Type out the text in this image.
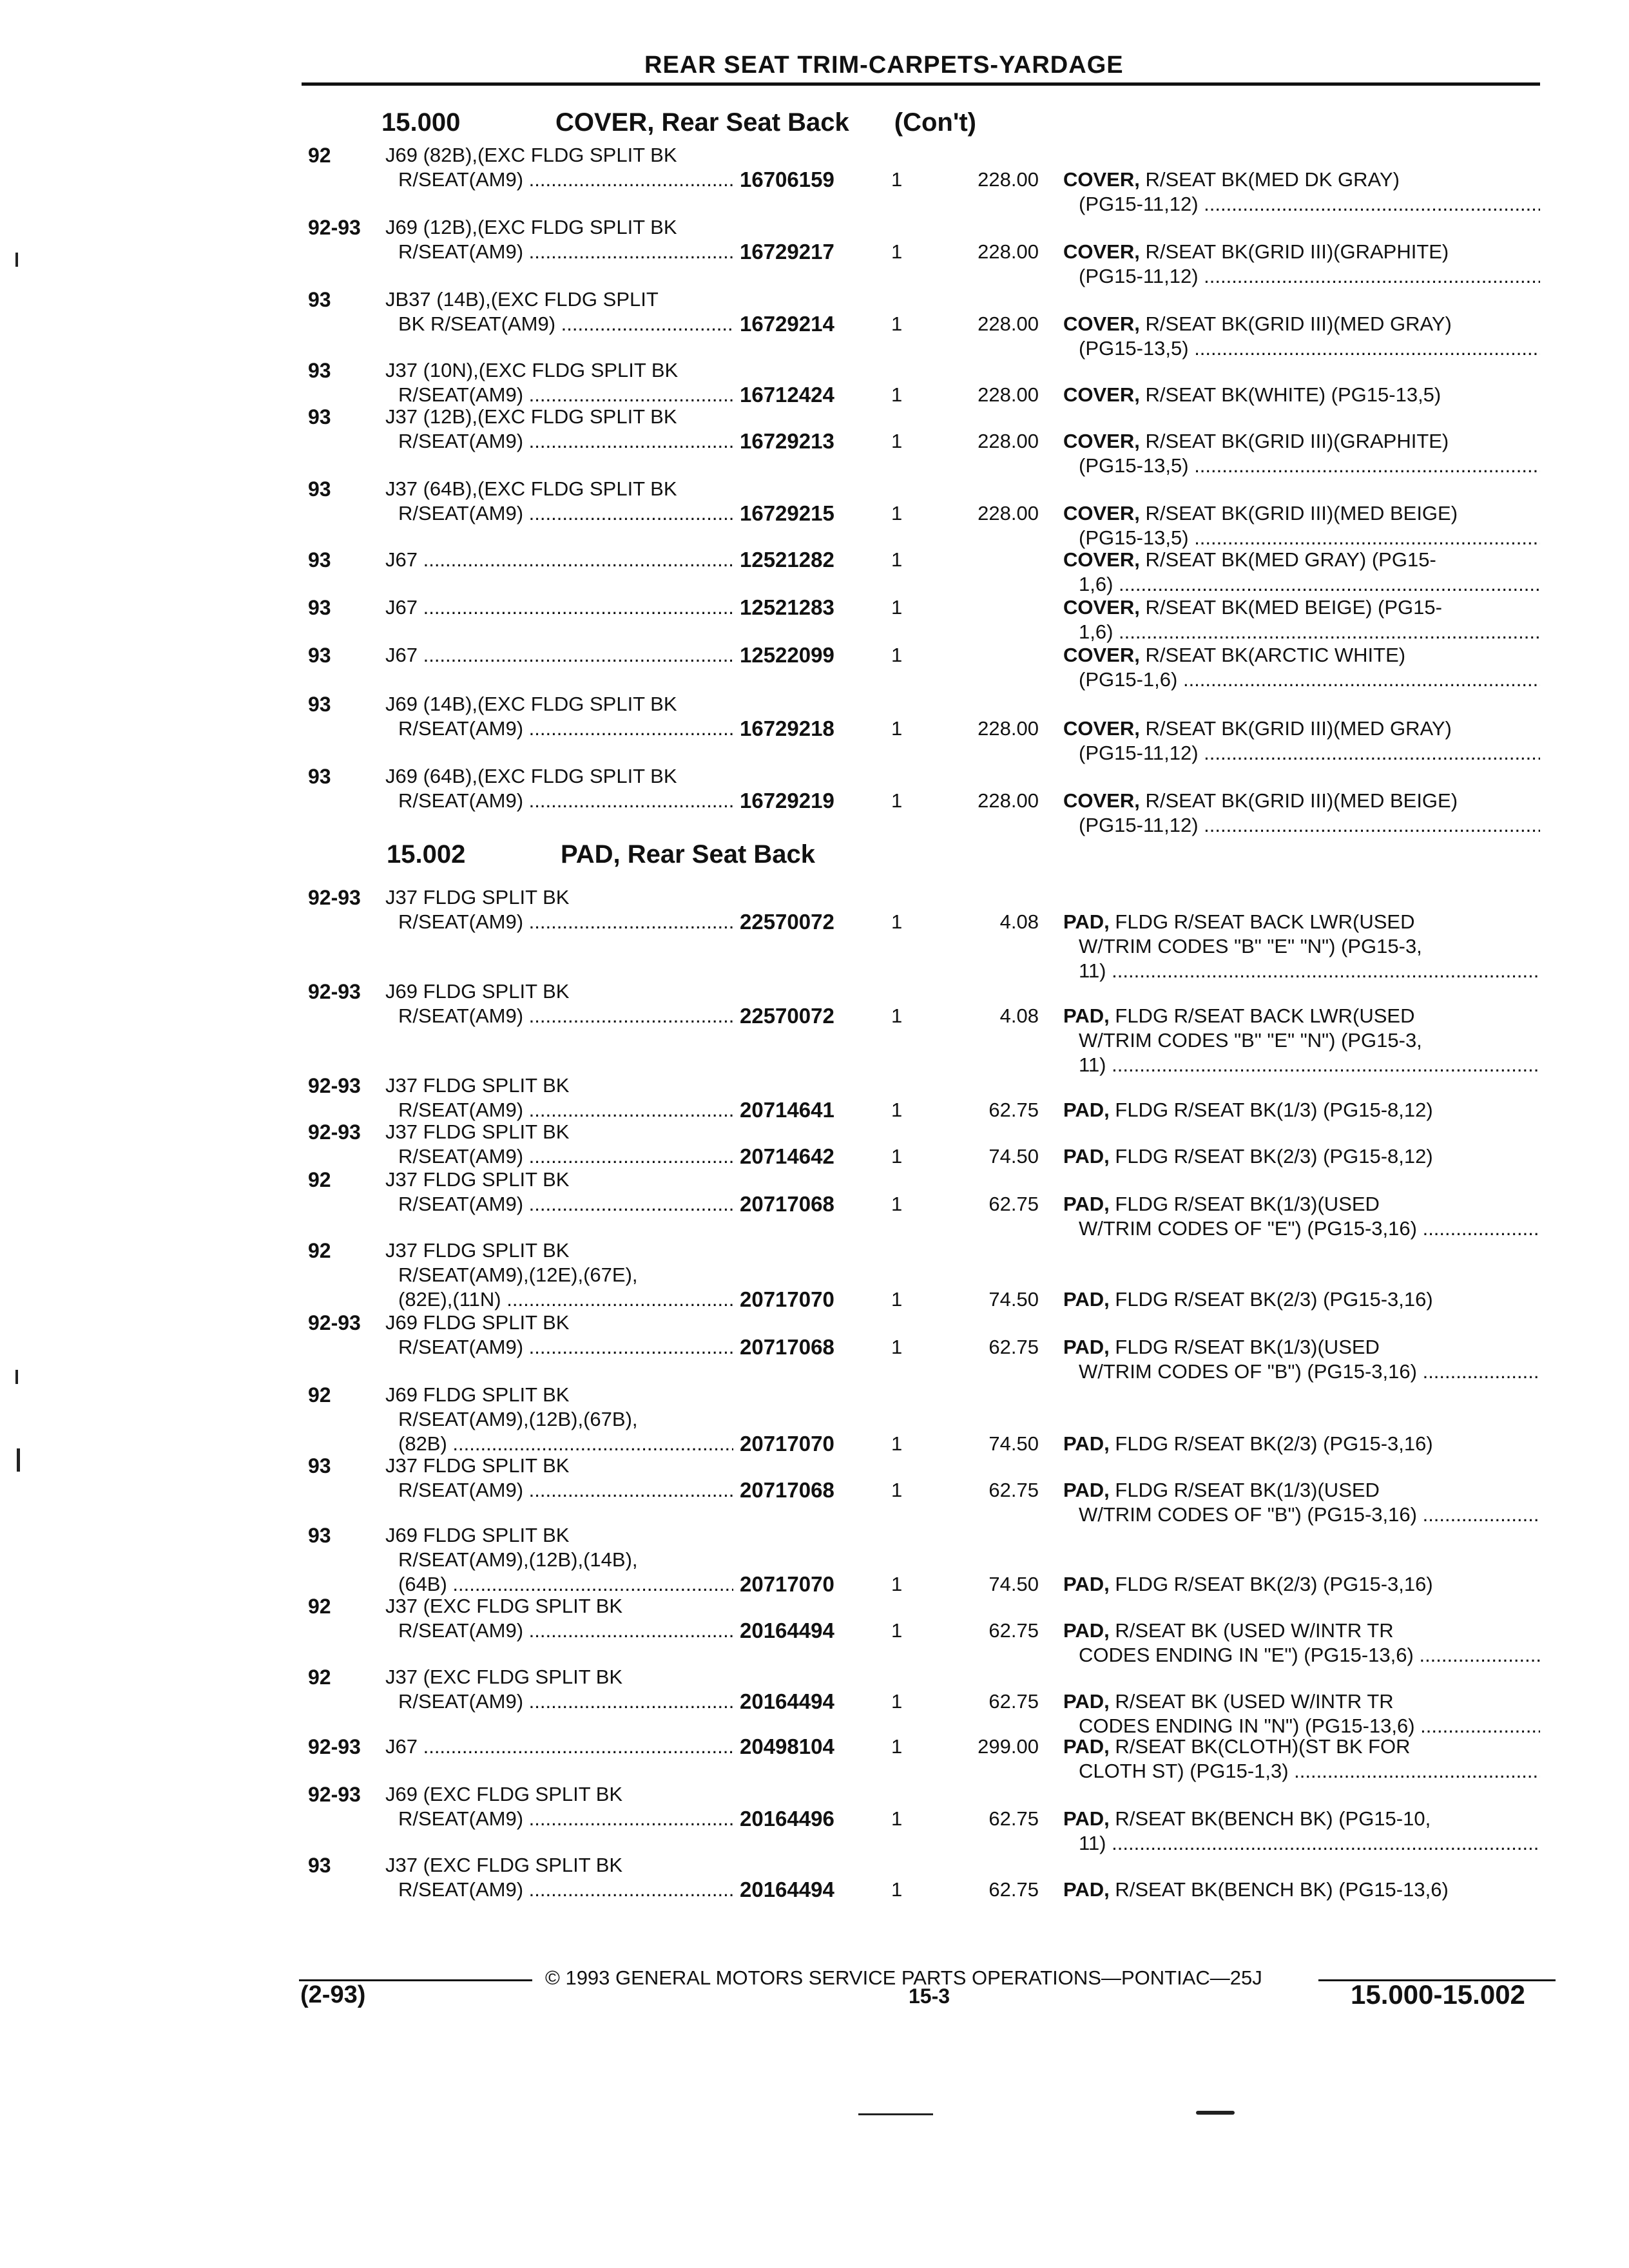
REAR SEAT TRIM-CARPETS-YARDAGE
15.000	COVER, Rear Seat Back (Con't)
92	J69 (82B),(EXC FLDG SPLIT BK
R/SEAT(AM9) .....	16706159	1	228.00 COVER, R/SEAT BK(MED DK GRAY)
(PG15-11,12) .....
92-93 J69 (12B),(EXC FLDG SPLIT BK
R/SEAT(AM9) .....	16729217	1	228.00 COVER, R/SEAT BK(GRID III)(GRAPHITE)
(PG15-11,12) .....
93	JB37 (14B),(EXC FLDG SPLIT
BK R/SEAT(AM9) .....	16729214	1	228.00 COVER, R/SEAT BK(GRID III)(MED GRAY)
(PG15-13,5) .....
93	J37 (10N),(EXC FLDG SPLIT BK
R/SEAT(AM9) .....	16712424	1	228.00 COVER, R/SEAT BK(WHITE) (PG15-13,5)
93	J37 (12B),(EXC FLDG SPLIT BK
R/SEAT(AM9) .....	16729213	1	228.00 COVER, R/SEAT BK(GRID III)(GRAPHITE)
(PG15-13,5) .....
93	J37 (64B),(EXC FLDG SPLIT BK
R/SEAT(AM9) .....	16729215	1	228.00 COVER, R/SEAT BK(GRID III)(MED BEIGE)
(PG15-13,5) .....
93	J67 .....	12521282	1	COVER, R/SEAT BK(MED GRAY) (PG15-
1,6) .....
93	J67 .....	12521283	1	COVER, R/SEAT BK(MED BEIGE) (PG15-
1,6) .....
93	J67 .....	12522099	1	COVER, R/SEAT BK(ARCTIC WHITE)
(PG15-1,6) .....
93	J69 (14B),(EXC FLDG SPLIT BK
R/SEAT(AM9) .....	16729218	1	228.00 COVER, R/SEAT BK(GRID III)(MED GRAY)
(PG15-11,12) .....
93	J69 (64B),(EXC FLDG SPLIT BK
R/SEAT(AM9) .....	16729219	1	228.00 COVER, R/SEAT BK(GRID III)(MED BEIGE)
(PG15-11,12) .....
15.002	PAD, Rear Seat Back
92-93 J37 FLDG SPLIT BK
R/SEAT(AM9) .....	22570072	1	4.08 PAD, FLDG R/SEAT BACK LWR(USED
W/TRIM CODES "B" "E" "N") (PG15-3,
11) .....
92-93 J69 FLDG SPLIT BK
R/SEAT(AM9) .....	22570072	1	4.08 PAD, FLDG R/SEAT BACK LWR(USED
W/TRIM CODES "B" "E" "N") (PG15-3,
11) .....
92-93 J37 FLDG SPLIT BK
R/SEAT(AM9) .....	20714641	1	62.75 PAD, FLDG R/SEAT BK(1/3) (PG15-8,12)
92-93 J37 FLDG SPLIT BK
R/SEAT(AM9) .....	20714642	1	74.50 PAD, FLDG R/SEAT BK(2/3) (PG15-8,12)
92	J37 FLDG SPLIT BK
R/SEAT(AM9) .....	20717068	1	62.75 PAD, FLDG R/SEAT BK(1/3)(USED
W/TRIM CODES OF "E") (PG15-3,16) .....
92	J37 FLDG SPLIT BK
R/SEAT(AM9),(12E),(67E),
(82E),(11N) .....	20717070	1	74.50 PAD, FLDG R/SEAT BK(2/3) (PG15-3,16)
92-93 J69 FLDG SPLIT BK
R/SEAT(AM9) .....	20717068	1	62.75 PAD, FLDG R/SEAT BK(1/3)(USED
W/TRIM CODES OF "B") (PG15-3,16) .....
92	J69 FLDG SPLIT BK
R/SEAT(AM9),(12B),(67B),
(82B) .....	20717070	1	74.50 PAD, FLDG R/SEAT BK(2/3) (PG15-3,16)
93	J37 FLDG SPLIT BK
R/SEAT(AM9) .....	20717068	1	62.75 PAD, FLDG R/SEAT BK(1/3)(USED
W/TRIM CODES OF "B") (PG15-3,16) .....
93	J69 FLDG SPLIT BK
R/SEAT(AM9),(12B),(14B),
(64B) .....	20717070	1	74.50 PAD, FLDG R/SEAT BK(2/3) (PG15-3,16)
92	J37 (EXC FLDG SPLIT BK
R/SEAT(AM9) .....	20164494	1	62.75 PAD, R/SEAT BK (USED W/INTR TR
CODES ENDING IN "E") (PG15-13,6) .....
92	J37 (EXC FLDG SPLIT BK
R/SEAT(AM9) .....	20164494	1	62.75 PAD, R/SEAT BK (USED W/INTR TR
CODES ENDING IN "N") (PG15-13,6) .....
92-93 J67 .....	20498104	1	299.00 PAD, R/SEAT BK(CLOTH)(ST BK FOR
CLOTH ST) (PG15-1,3) .....
92-93 J69 (EXC FLDG SPLIT BK
R/SEAT(AM9) .....	20164496	1	62.75 PAD, R/SEAT BK(BENCH BK) (PG15-10,
11) .....
93	J37 (EXC FLDG SPLIT BK
R/SEAT(AM9) .....	20164494	1	62.75 PAD, R/SEAT BK(BENCH BK) (PG15-13,6)
© 1993 GENERAL MOTORS SERVICE PARTS OPERATIONS—PONTIAC—25J
(2-93)	15-3	15.000-15.002
